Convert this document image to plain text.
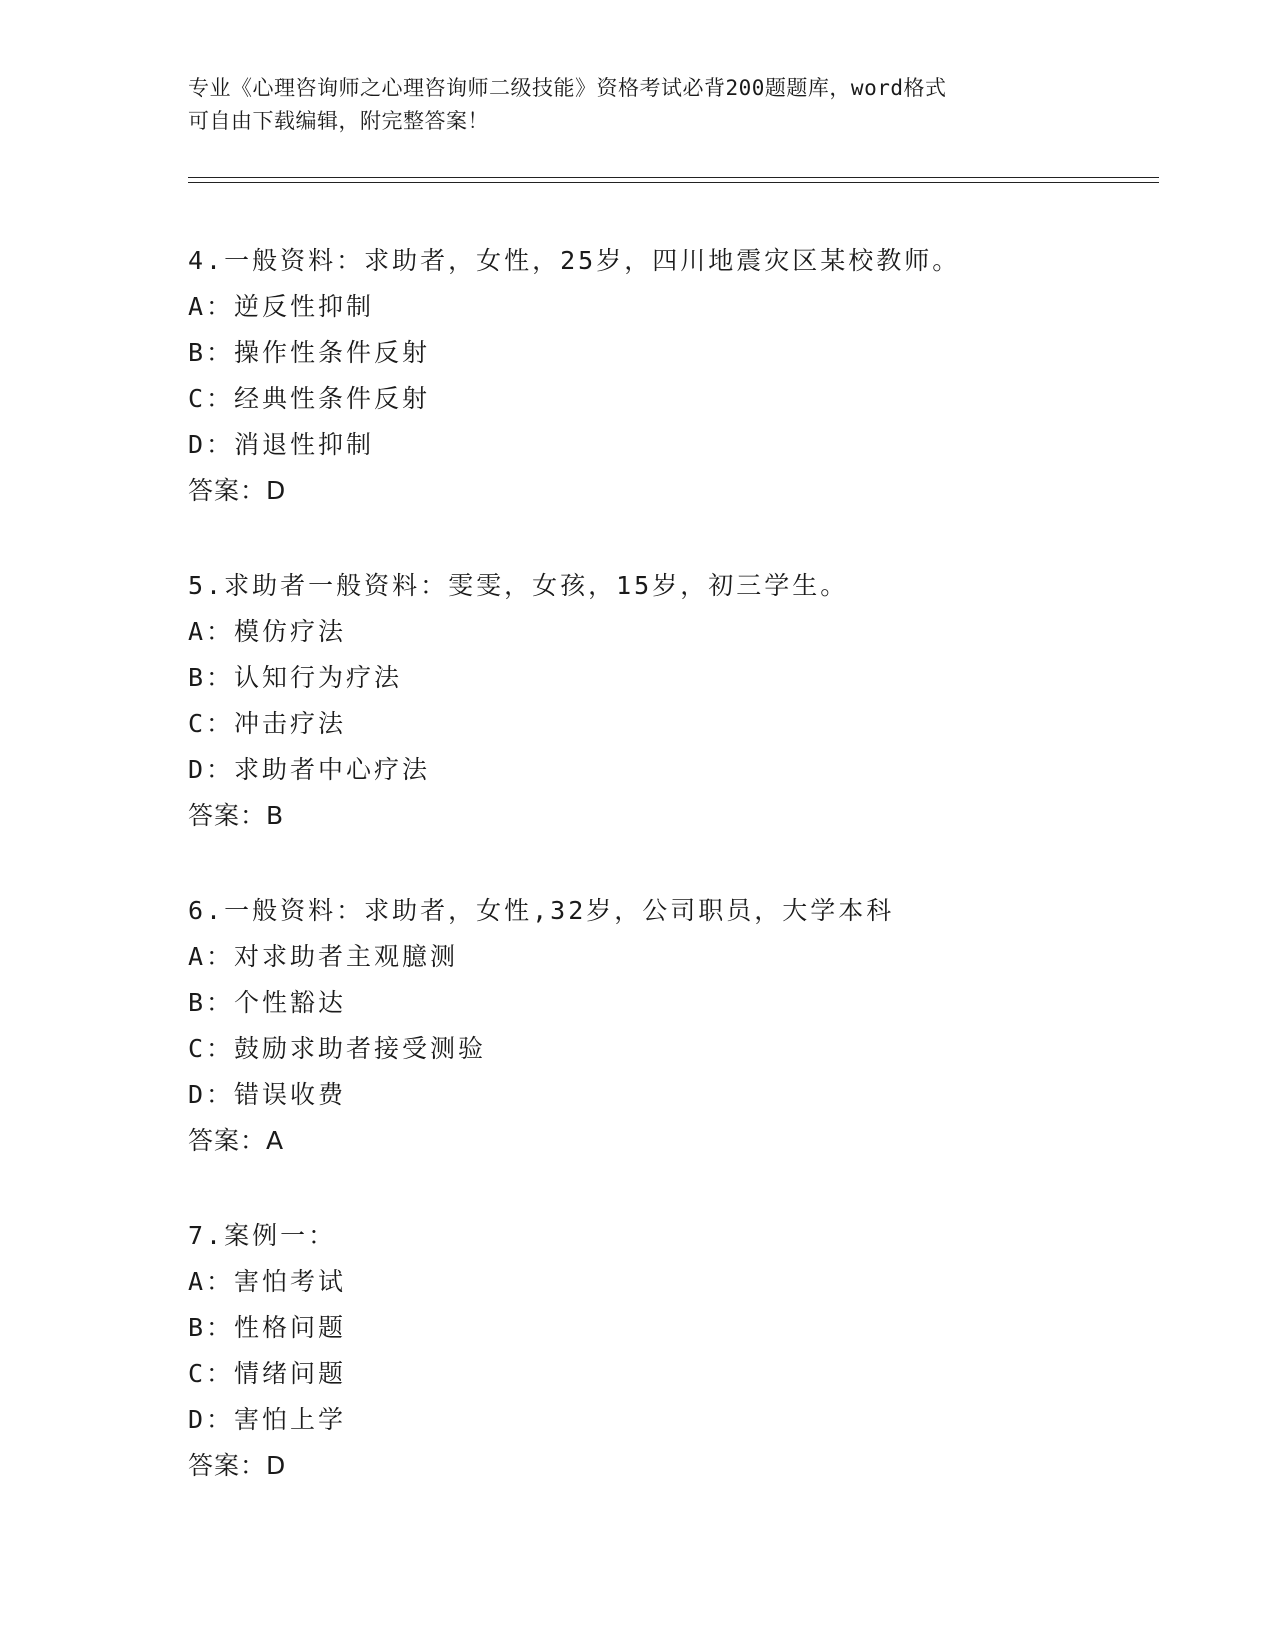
专业《心理咨询师之心理咨询师二级技能》资格考试必背200题题库，word格式
可自由下载编辑，附完整答案！
4.一般资料：求助者，女性，25岁，四川地震灾区某校教师。
A：逆反性抑制
B：操作性条件反射
C：经典性条件反射
D：消退性抑制
答案：D
5.求助者一般资料：雯雯，女孩，15岁，初三学生。
A：模仿疗法
B：认知行为疗法
C：冲击疗法
D：求助者中心疗法
答案：B
6.一般资料：求助者，女性,32岁，公司职员，大学本科
A：对求助者主观臆测
B：个性豁达
C：鼓励求助者接受测验
D：错误收费
答案：A
7.案例一：
A：害怕考试
B：性格问题
C：情绪问题
D：害怕上学
答案：D
